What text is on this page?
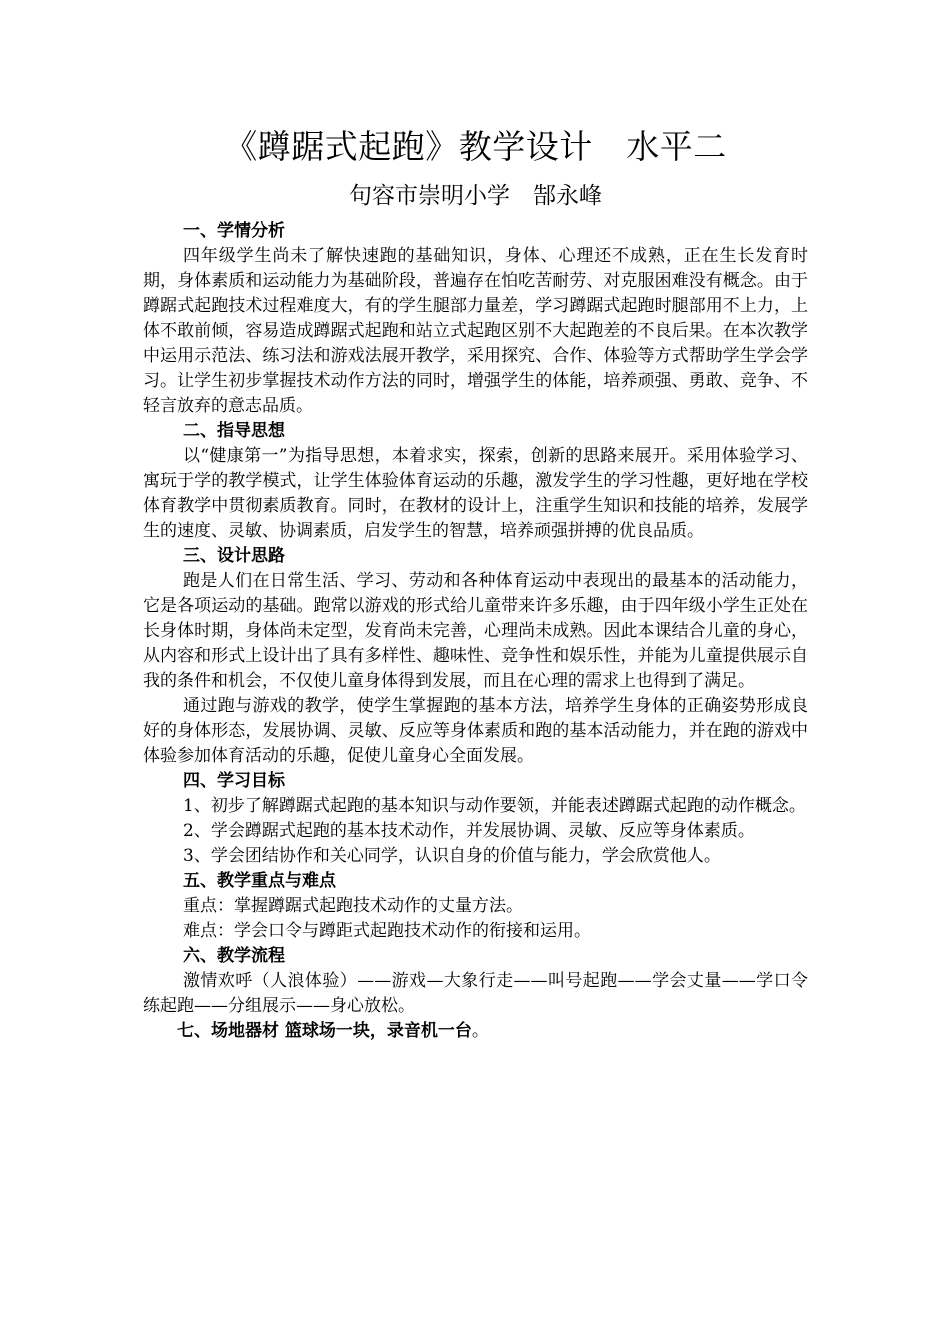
《蹲踞式起跑》教学设计　水平二
句容市崇明小学　郜永峰

一、学情分析

四年级学生尚未了解快速跑的基础知识，身体、心理还不成熟，正在生长发育时期，身体素质和运动能力为基础阶段，普遍存在怕吃苦耐劳、对克服困难没有概念。由于蹲踞式起跑技术过程难度大，有的学生腿部力量差，学习蹲踞式起跑时腿部用不上力，上体不敢前倾，容易造成蹲踞式起跑和站立式起跑区别不大起跑差的不良后果。在本次教学中运用示范法、练习法和游戏法展开教学，采用探究、合作、体验等方式帮助学生学会学习。让学生初步掌握技术动作方法的同时，增强学生的体能，培养顽强、勇敢、竞争、不轻言放弃的意志品质。

二、指导思想

以“健康第一”为指导思想，本着求实，探索，创新的思路来展开。采用体验学习、寓玩于学的教学模式，让学生体验体育运动的乐趣，激发学生的学习性趣，更好地在学校体育教学中贯彻素质教育。同时，在教材的设计上，注重学生知识和技能的培养，发展学生的速度、灵敏、协调素质，启发学生的智慧，培养顽强拼搏的优良品质。

三、设计思路

跑是人们在日常生活、学习、劳动和各种体育运动中表现出的最基本的活动能力，它是各项运动的基础。跑常以游戏的形式给儿童带来许多乐趣，由于四年级小学生正处在长身体时期，身体尚未定型，发育尚未完善，心理尚未成熟。因此本课结合儿童的身心，从内容和形式上设计出了具有多样性、趣味性、竞争性和娱乐性，并能为儿童提供展示自我的条件和机会，不仅使儿童身体得到发展，而且在心理的需求上也得到了满足。

通过跑与游戏的教学，使学生掌握跑的基本方法，培养学生身体的正确姿势形成良好的身体形态，发展协调、灵敏、反应等身体素质和跑的基本活动能力，并在跑的游戏中体验参加体育活动的乐趣，促使儿童身心全面发展。

四、学习目标

1、初步了解蹲踞式起跑的基本知识与动作要领，并能表述蹲踞式起跑的动作概念。

2、学会蹲踞式起跑的基本技术动作，并发展协调、灵敏、反应等身体素质。

3、学会团结协作和关心同学，认识自身的价值与能力，学会欣赏他人。

五、教学重点与难点

重点：掌握蹲踞式起跑技术动作的丈量方法。

难点：学会口令与蹲距式起跑技术动作的衔接和运用。

六、教学流程

激情欢呼（人浪体验）——游戏—大象行走——叫号起跑——学会丈量——学口令练起跑——分组展示——身心放松。

七、场地器材 篮球场一块，录音机一台。
